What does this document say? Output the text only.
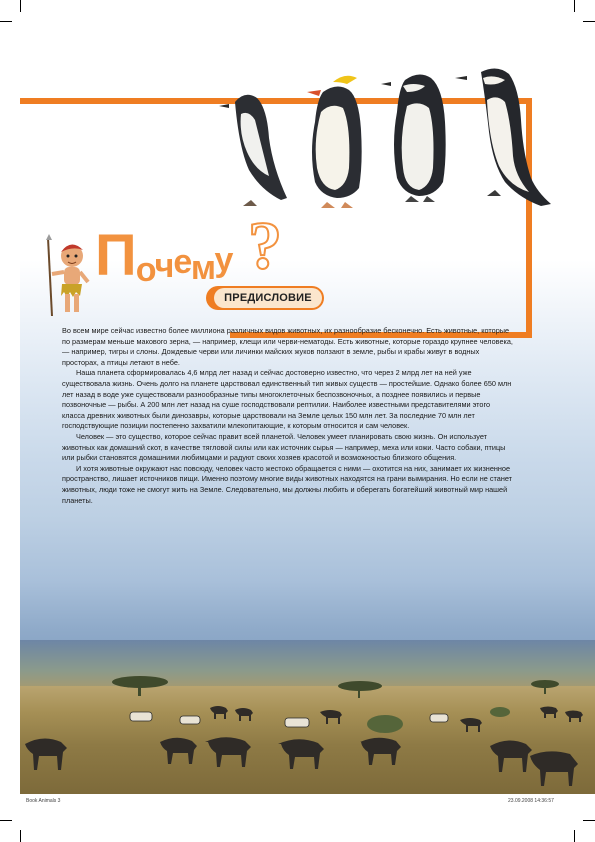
Почему ?
ПРЕДИСЛОВИЕ

Во всем мире сейчас известно более миллиона различных видов животных, их разнообразие бесконечно. Есть животные, которые по размерам меньше макового зерна, — например, клещи или черви-нематоды. Есть животные, которые гораздо крупнее человека, — например, тигры и слоны. Дождевые черви или личинки майских жуков ползают в земле, рыбы и крабы живут в водных просторах, а птицы летают в небе.

Наша планета сформировалась 4,6 млрд лет назад и сейчас достоверно известно, что через 2 млрд лет на ней уже существовала жизнь. Очень долго на планете царствовал единственный тип живых существ — простейшие. Однако более 650 млн лет назад в воде уже существовали разнообразные типы многоклеточных беспозвоночных, а позднее появились и первые позвоночные — рыбы. А 200 млн лет назад на суше господствовали рептилии. Наиболее известными представителями этого класса древних животных были динозавры, которые царствовали на Земле целых 150 млн лет. За последние 70 млн лет господствующие позиции постепенно захватили млекопитающие, к которым относится и сам человек.

Человек — это существо, которое сейчас правит всей планетой. Человек умеет планировать свою жизнь. Он использует животных как домашний скот, в качестве тягловой силы или как источник сырья — например, меха или кожи. Часто собаки, птицы или рыбки становятся домашними любимцами и радуют своих хозяев красотой и возможностью близкого общения.

И хотя животные окружают нас повсюду, человек часто жестоко обращается с ними — охотится на них, занимает их жизненное пространство, лишает источников пищи. Именно поэтому многие виды животных находятся на грани вымирания. Но если не станет животных, люди тоже не смогут жить на Земле. Следовательно, мы должны любить и оберегать богатейший животный мир нашей планеты.

Book Animals 3	23.09.2008 14:36:57
